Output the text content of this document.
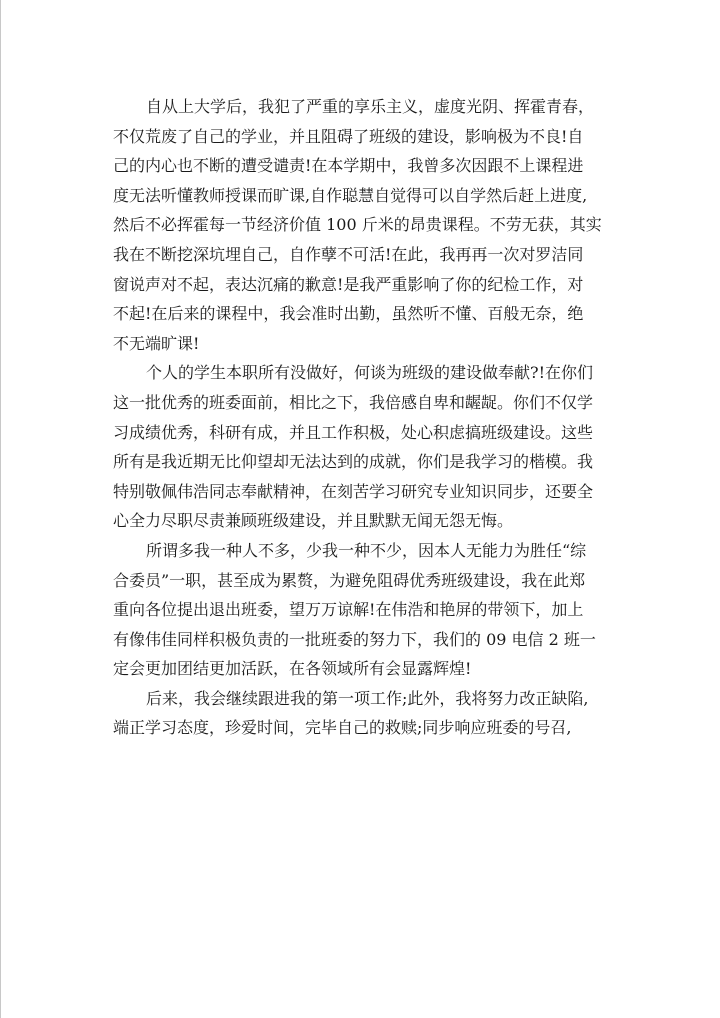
自从上大学后，我犯了严重的享乐主义，虚度光阴、挥霍青春，
不仅荒废了自己的学业，并且阻碍了班级的建设，影响极为不良!自
己的内心也不断的遭受谴责!在本学期中，我曾多次因跟不上课程进
度无法听懂教师授课而旷课,自作聪慧自觉得可以自学然后赶上进度,
然后不必挥霍每一节经济价值 100 斤米的昂贵课程。不劳无获，其实
我在不断挖深坑埋自己，自作孽不可活!在此，我再再一次对罗洁同
窗说声对不起，表达沉痛的歉意!是我严重影响了你的纪检工作，对
不起!在后来的课程中，我会准时出勤，虽然听不懂、百般无奈，绝
不无端旷课!
个人的学生本职所有没做好，何谈为班级的建设做奉献?!在你们
这一批优秀的班委面前，相比之下，我倍感自卑和龌龊。你们不仅学
习成绩优秀，科研有成，并且工作积极，处心积虑搞班级建设。这些
所有是我近期无比仰望却无法达到的成就，你们是我学习的楷模。我
特别敬佩伟浩同志奉献精神，在刻苦学习研究专业知识同步，还要全
心全力尽职尽责兼顾班级建设，并且默默无闻无怨无悔。
所谓多我一种人不多，少我一种不少，因本人无能力为胜任“综
合委员”一职，甚至成为累赘，为避免阻碍优秀班级建设，我在此郑
重向各位提出退出班委，望万万谅解!在伟浩和艳屏的带领下，加上
有像伟佳同样积极负责的一批班委的努力下，我们的 09 电信 2 班一
定会更加团结更加活跃，在各领域所有会显露辉煌!
后来，我会继续跟进我的第一项工作;此外，我将努力改正缺陷,
端正学习态度，珍爱时间，完毕自己的救赎;同步响应班委的号召,
